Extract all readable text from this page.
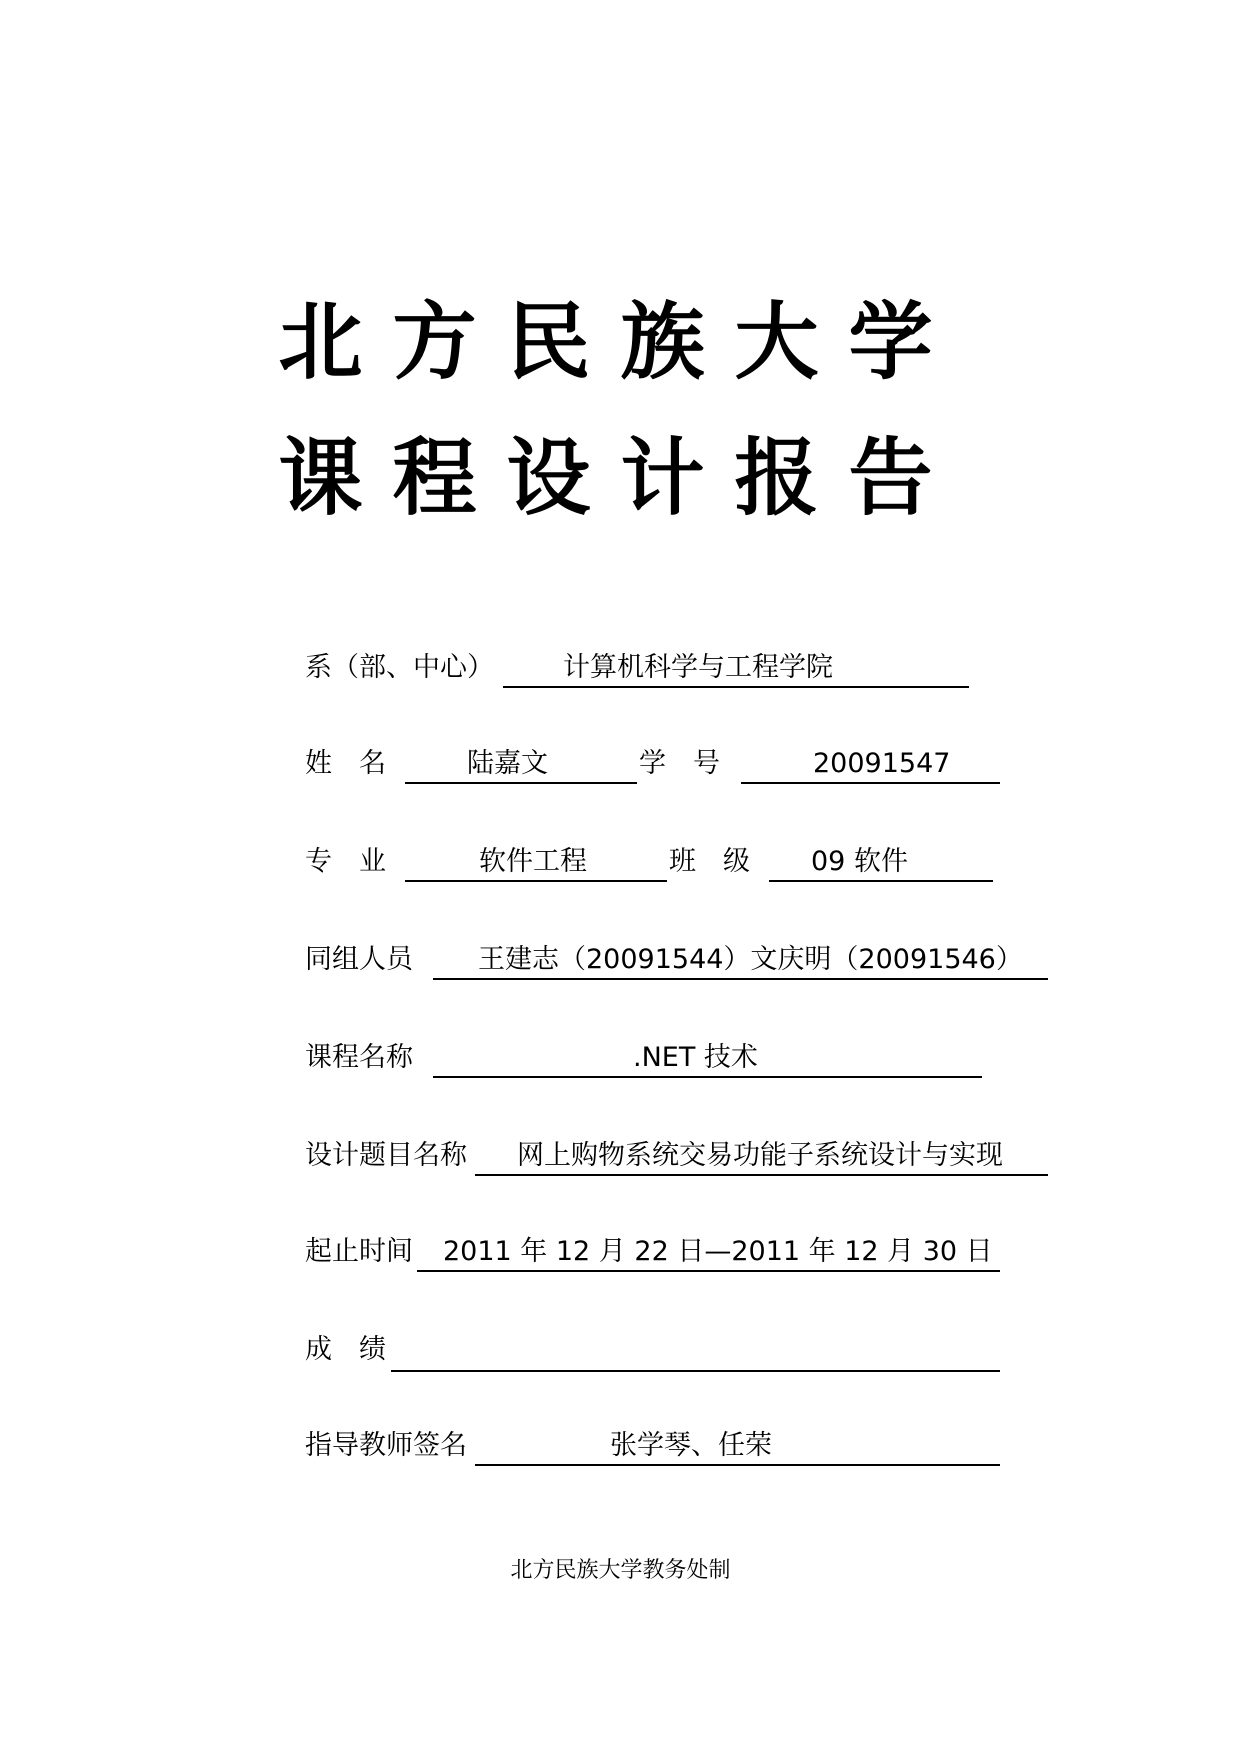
北方民族大学
课程设计报告
系（部、中心）	计算机科学与工程学院
姓　名	陆嘉文	学　号	20091547
专　业	软件工程	班　级	09 软件
同组人员	王建志（20091544）文庆明（20091546）
课程名称	.NET 技术
设计题目名称	网上购物系统交易功能子系统设计与实现
起止时间	2011 年 12 月 22 日—2011 年 12 月 30 日
成　绩
指导教师签名	张学琴、任荣
北方民族大学教务处制
